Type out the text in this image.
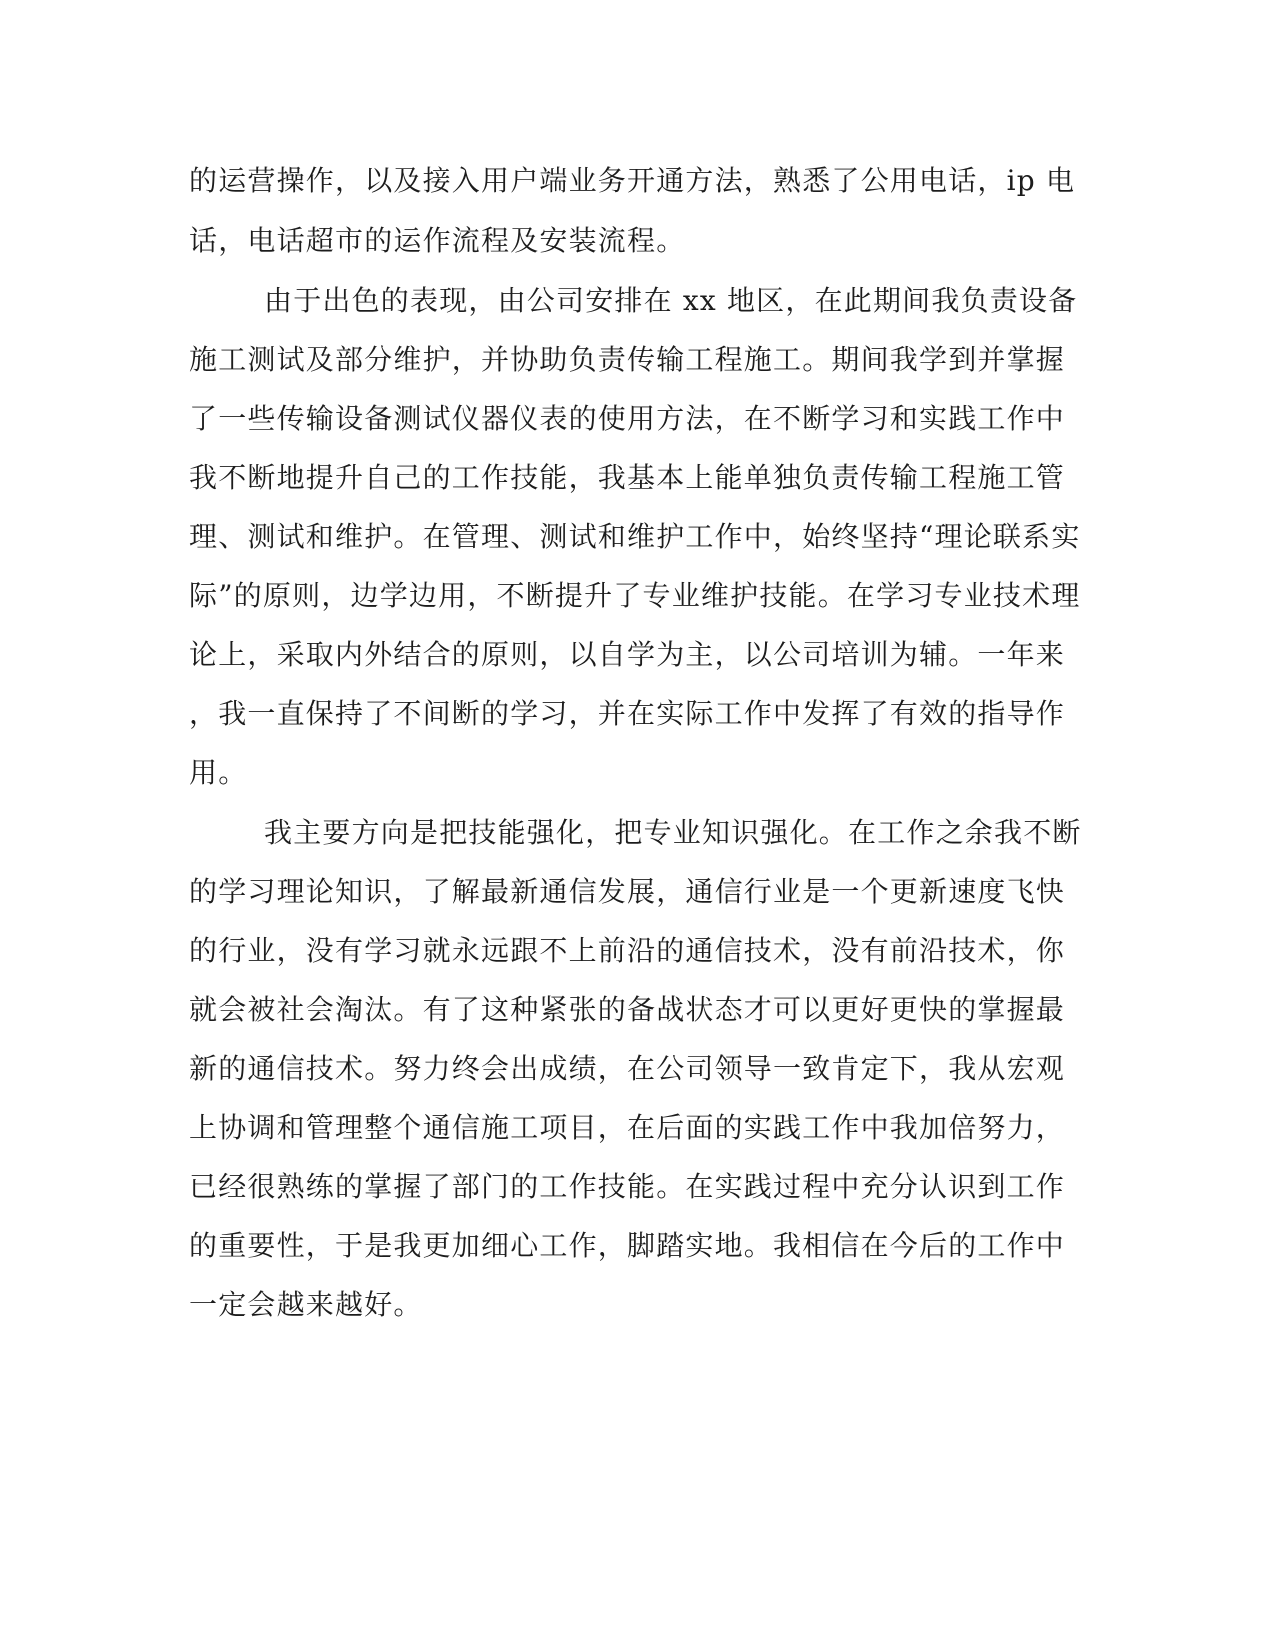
的运营操作，以及接入用户端业务开通方法，熟悉了公用电话，ip 电
话，电话超市的运作流程及安装流程。
由于出色的表现，由公司安排在 xx 地区，在此期间我负责设备
施工测试及部分维护，并协助负责传输工程施工。期间我学到并掌握
了一些传输设备测试仪器仪表的使用方法，在不断学习和实践工作中
我不断地提升自己的工作技能，我基本上能单独负责传输工程施工管
理、测试和维护。在管理、测试和维护工作中，始终坚持“理论联系实
际”的原则，边学边用，不断提升了专业维护技能。在学习专业技术理
论上，采取内外结合的原则，以自学为主，以公司培训为辅。一年来
，我一直保持了不间断的学习，并在实际工作中发挥了有效的指导作
用。
我主要方向是把技能强化，把专业知识强化。在工作之余我不断
的学习理论知识，了解最新通信发展，通信行业是一个更新速度飞快
的行业，没有学习就永远跟不上前沿的通信技术，没有前沿技术，你
就会被社会淘汰。有了这种紧张的备战状态才可以更好更快的掌握最
新的通信技术。努力终会出成绩，在公司领导一致肯定下，我从宏观
上协调和管理整个通信施工项目，在后面的实践工作中我加倍努力，
已经很熟练的掌握了部门的工作技能。在实践过程中充分认识到工作
的重要性，于是我更加细心工作，脚踏实地。我相信在今后的工作中
一定会越来越好。
